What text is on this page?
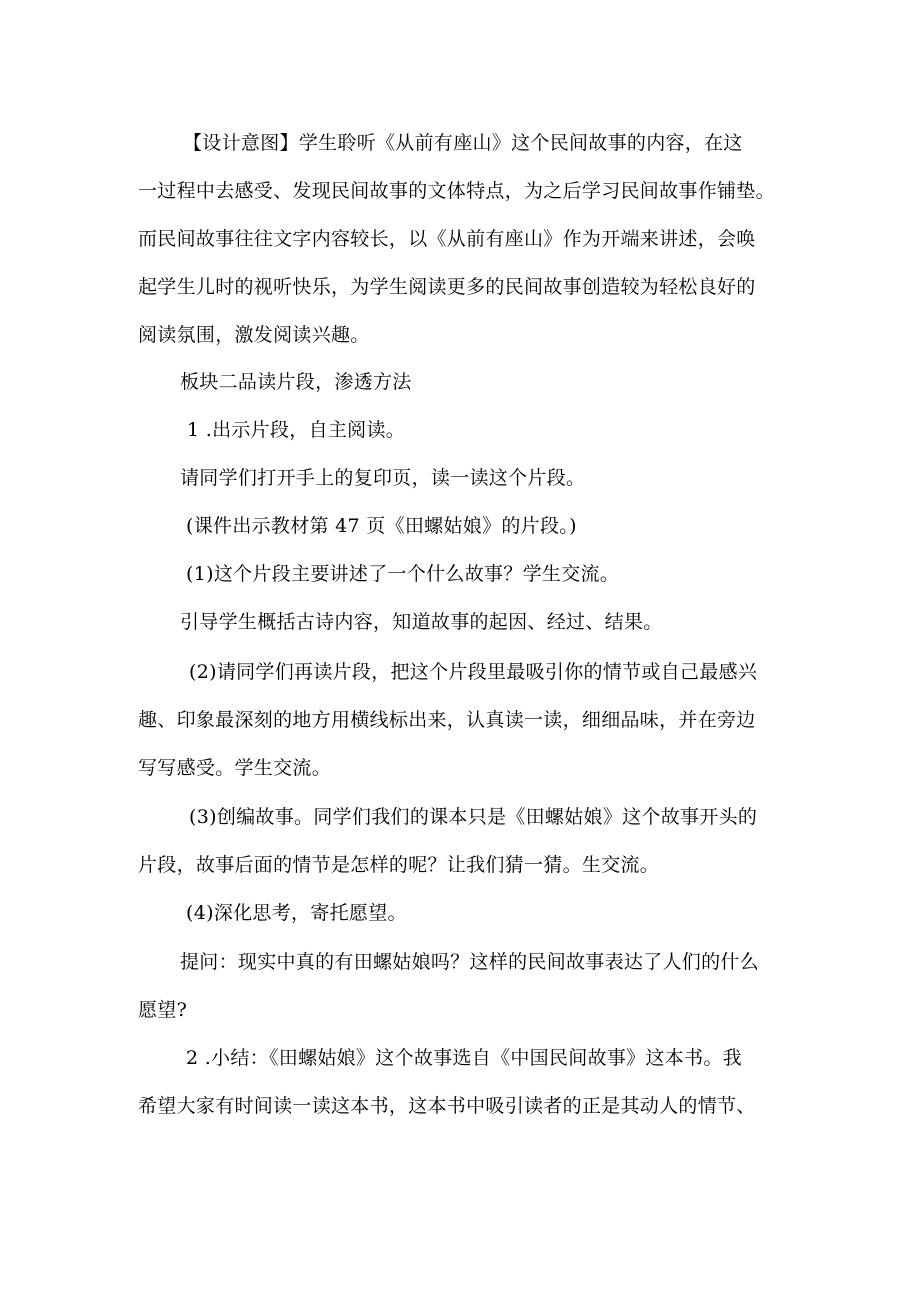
【设计意图】学生聆听《从前有座山》这个民间故事的内容，在这

一过程中去感受、发现民间故事的文体特点，为之后学习民间故事作铺垫。

而民间故事往往文字内容较长，以《从前有座山》作为开端来讲述，会唤

起学生儿时的视听快乐，为学生阅读更多的民间故事创造较为轻松良好的

阅读氛围，激发阅读兴趣。

板块二品读片段，渗透方法

1 .出示片段，自主阅读。

请同学们打开手上的复印页，读一读这个片段。

(课件出示教材第 47 页《田螺姑娘》的片段。)

(1)这个片段主要讲述了一个什么故事？学生交流。

引导学生概括古诗内容，知道故事的起因、经过、结果。

(2)请同学们再读片段，把这个片段里最吸引你的情节或自己最感兴

趣、印象最深刻的地方用横线标出来，认真读一读，细细品味，并在旁边

写写感受。学生交流。

(3)创编故事。同学们我们的课本只是《田螺姑娘》这个故事开头的

片段，故事后面的情节是怎样的呢？让我们猜一猜。生交流。

(4)深化思考，寄托愿望。

提问：现实中真的有田螺姑娘吗？这样的民间故事表达了人们的什么

愿望?

2 .小结：《田螺姑娘》这个故事选自《中国民间故事》这本书。我

希望大家有时间读一读这本书，这本书中吸引读者的正是其动人的情节、
